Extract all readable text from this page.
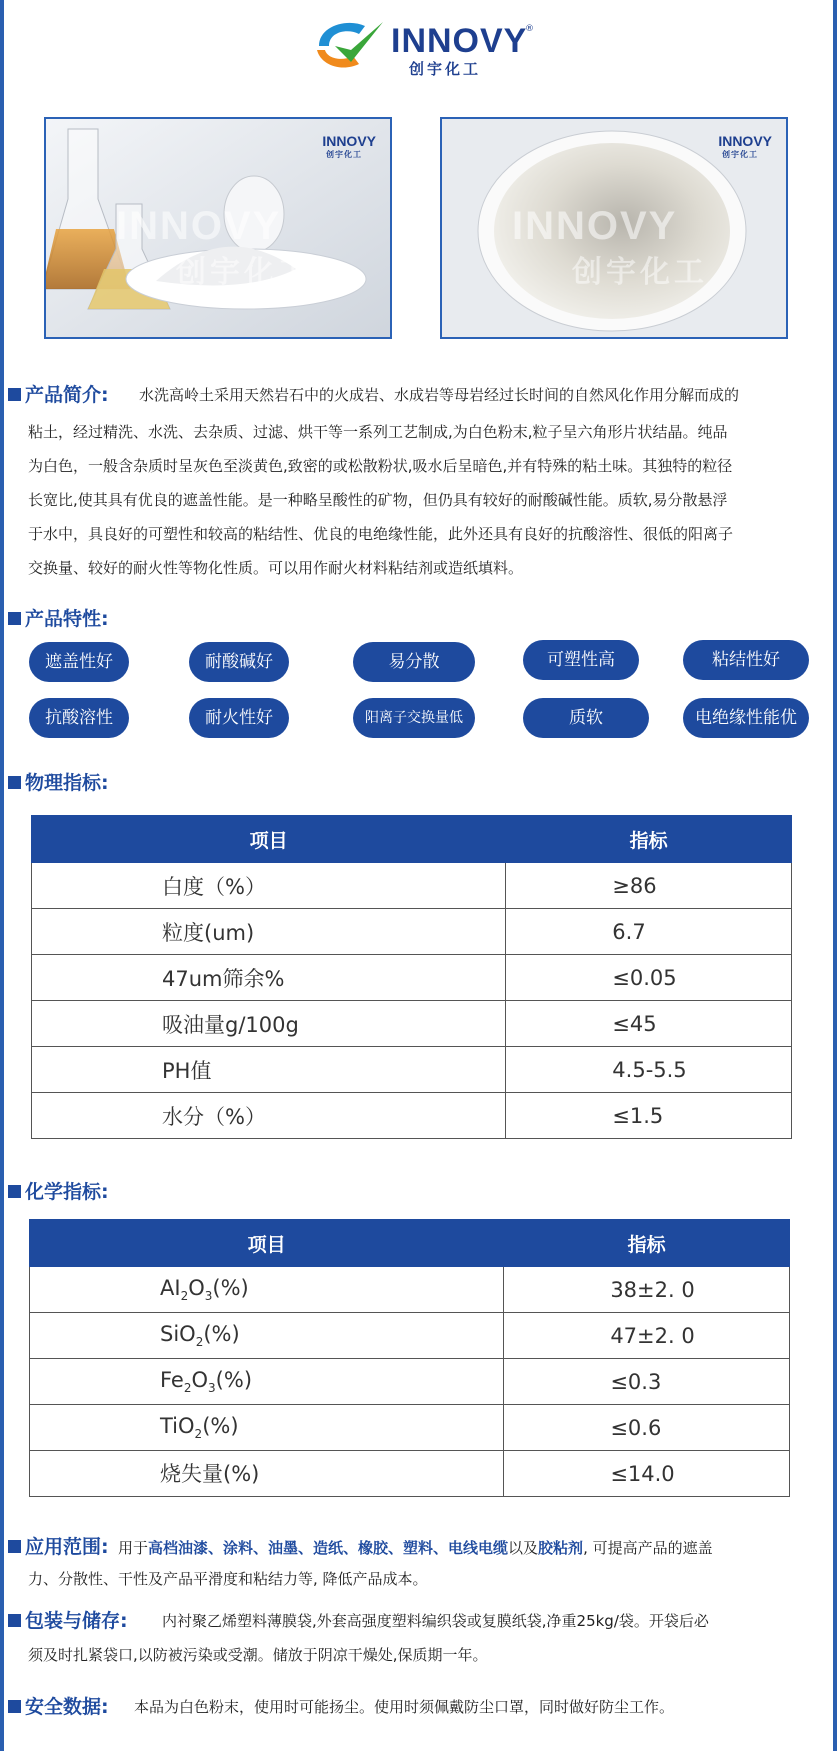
INNOVY
®
创宇化工
INNOVY
创宇化工
INNOVY
创宇化工
INNOVY
创宇化工
INNOVY
创宇化工
产品简介: 水洗高岭土采用天然岩石中的火成岩、水成岩等母岩经过长时间的自然风化作用分解而成的
粘土，经过精洗、水洗、去杂质、过滤、烘干等一系列工艺制成,为白色粉末,粒子呈六角形片状结晶。纯品
为白色，一般含杂质时呈灰色至淡黄色,致密的或松散粉状,吸水后呈暗色,并有特殊的粘土味。其独特的粒径
长宽比,使其具有优良的遮盖性能。是一种略呈酸性的矿物，但仍具有较好的耐酸碱性能。质软,易分散悬浮
于水中，具良好的可塑性和较高的粘结性、优良的电绝缘性能，此外还具有良好的抗酸溶性、很低的阳离子
交换量、较好的耐火性等物化性质。可以用作耐火材料粘结剂或造纸填料。
产品特性:
遮盖性好	耐酸碱好	易分散	可塑性高	粘结性好
抗酸溶性	耐火性好	阳离子交换量低	质软	电绝缘性能优
物理指标:
项目	指标
白度（%）	≥86
粒度(um)	6.7
47um筛余%	≤0.05
吸油量g/100g	≤45
PH值	4.5-5.5
水分（%）	≤1.5
化学指标:
项目	指标
$AI_2O_3(\%)$	38±2. 0
SiO$_2$(%)	47±2. 0
$Fe_2O_3(\%)$	≤0.3
TiO$_2$(%)	≤0.6
烧失量(%)	≤14.0
应用范围: 用于高档油漆、涂料、油墨、造纸、橡胶、塑料、电线电缆以及胶粘剂, 可提高产品的遮盖
力、分散性、干性及产品平滑度和粘结力等, 降低产品成本。
包装与储存: 内衬聚乙烯塑料薄膜袋,外套高强度塑料编织袋或复膜纸袋,净重25kg/袋。开袋后必
须及时扎紧袋口,以防被污染或受潮。储放于阴凉干燥处,保质期一年。
安全数据: 本品为白色粉末，使用时可能扬尘。使用时须佩戴防尘口罩，同时做好防尘工作。
